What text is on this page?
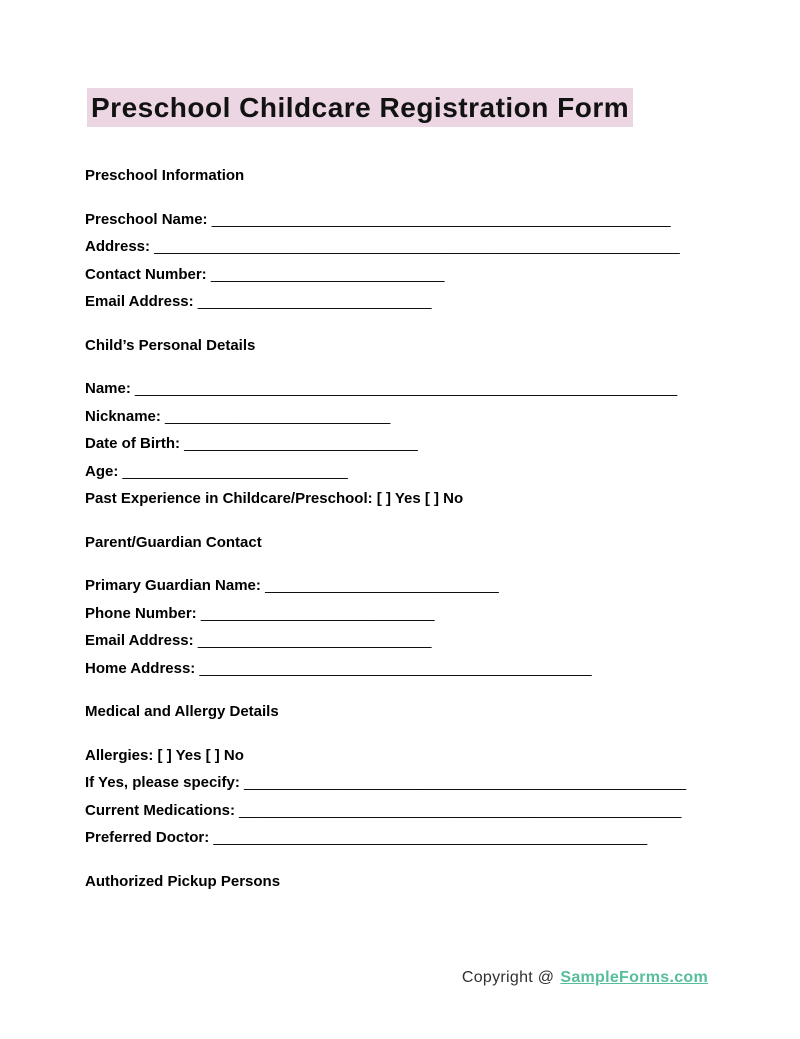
Preschool Childcare Registration Form

Preschool Information

Preschool Name: _______________________________________________________

Address: _______________________________________________________________

Contact Number: ____________________________

Email Address: ____________________________

Child’s Personal Details

Name: _________________________________________________________________

Nickname: ___________________________

Date of Birth: ____________________________

Age: ___________________________

Past Experience in Childcare/Preschool: [ ] Yes [ ] No

Parent/Guardian Contact

Primary Guardian Name: ____________________________

Phone Number: ____________________________

Email Address: ____________________________

Home Address: _______________________________________________

Medical and Allergy Details

Allergies: [ ] Yes [ ] No

If Yes, please specify: _____________________________________________________

Current Medications: _____________________________________________________

Preferred Doctor: ____________________________________________________

Authorized Pickup Persons

Copyright @ SampleForms.com
